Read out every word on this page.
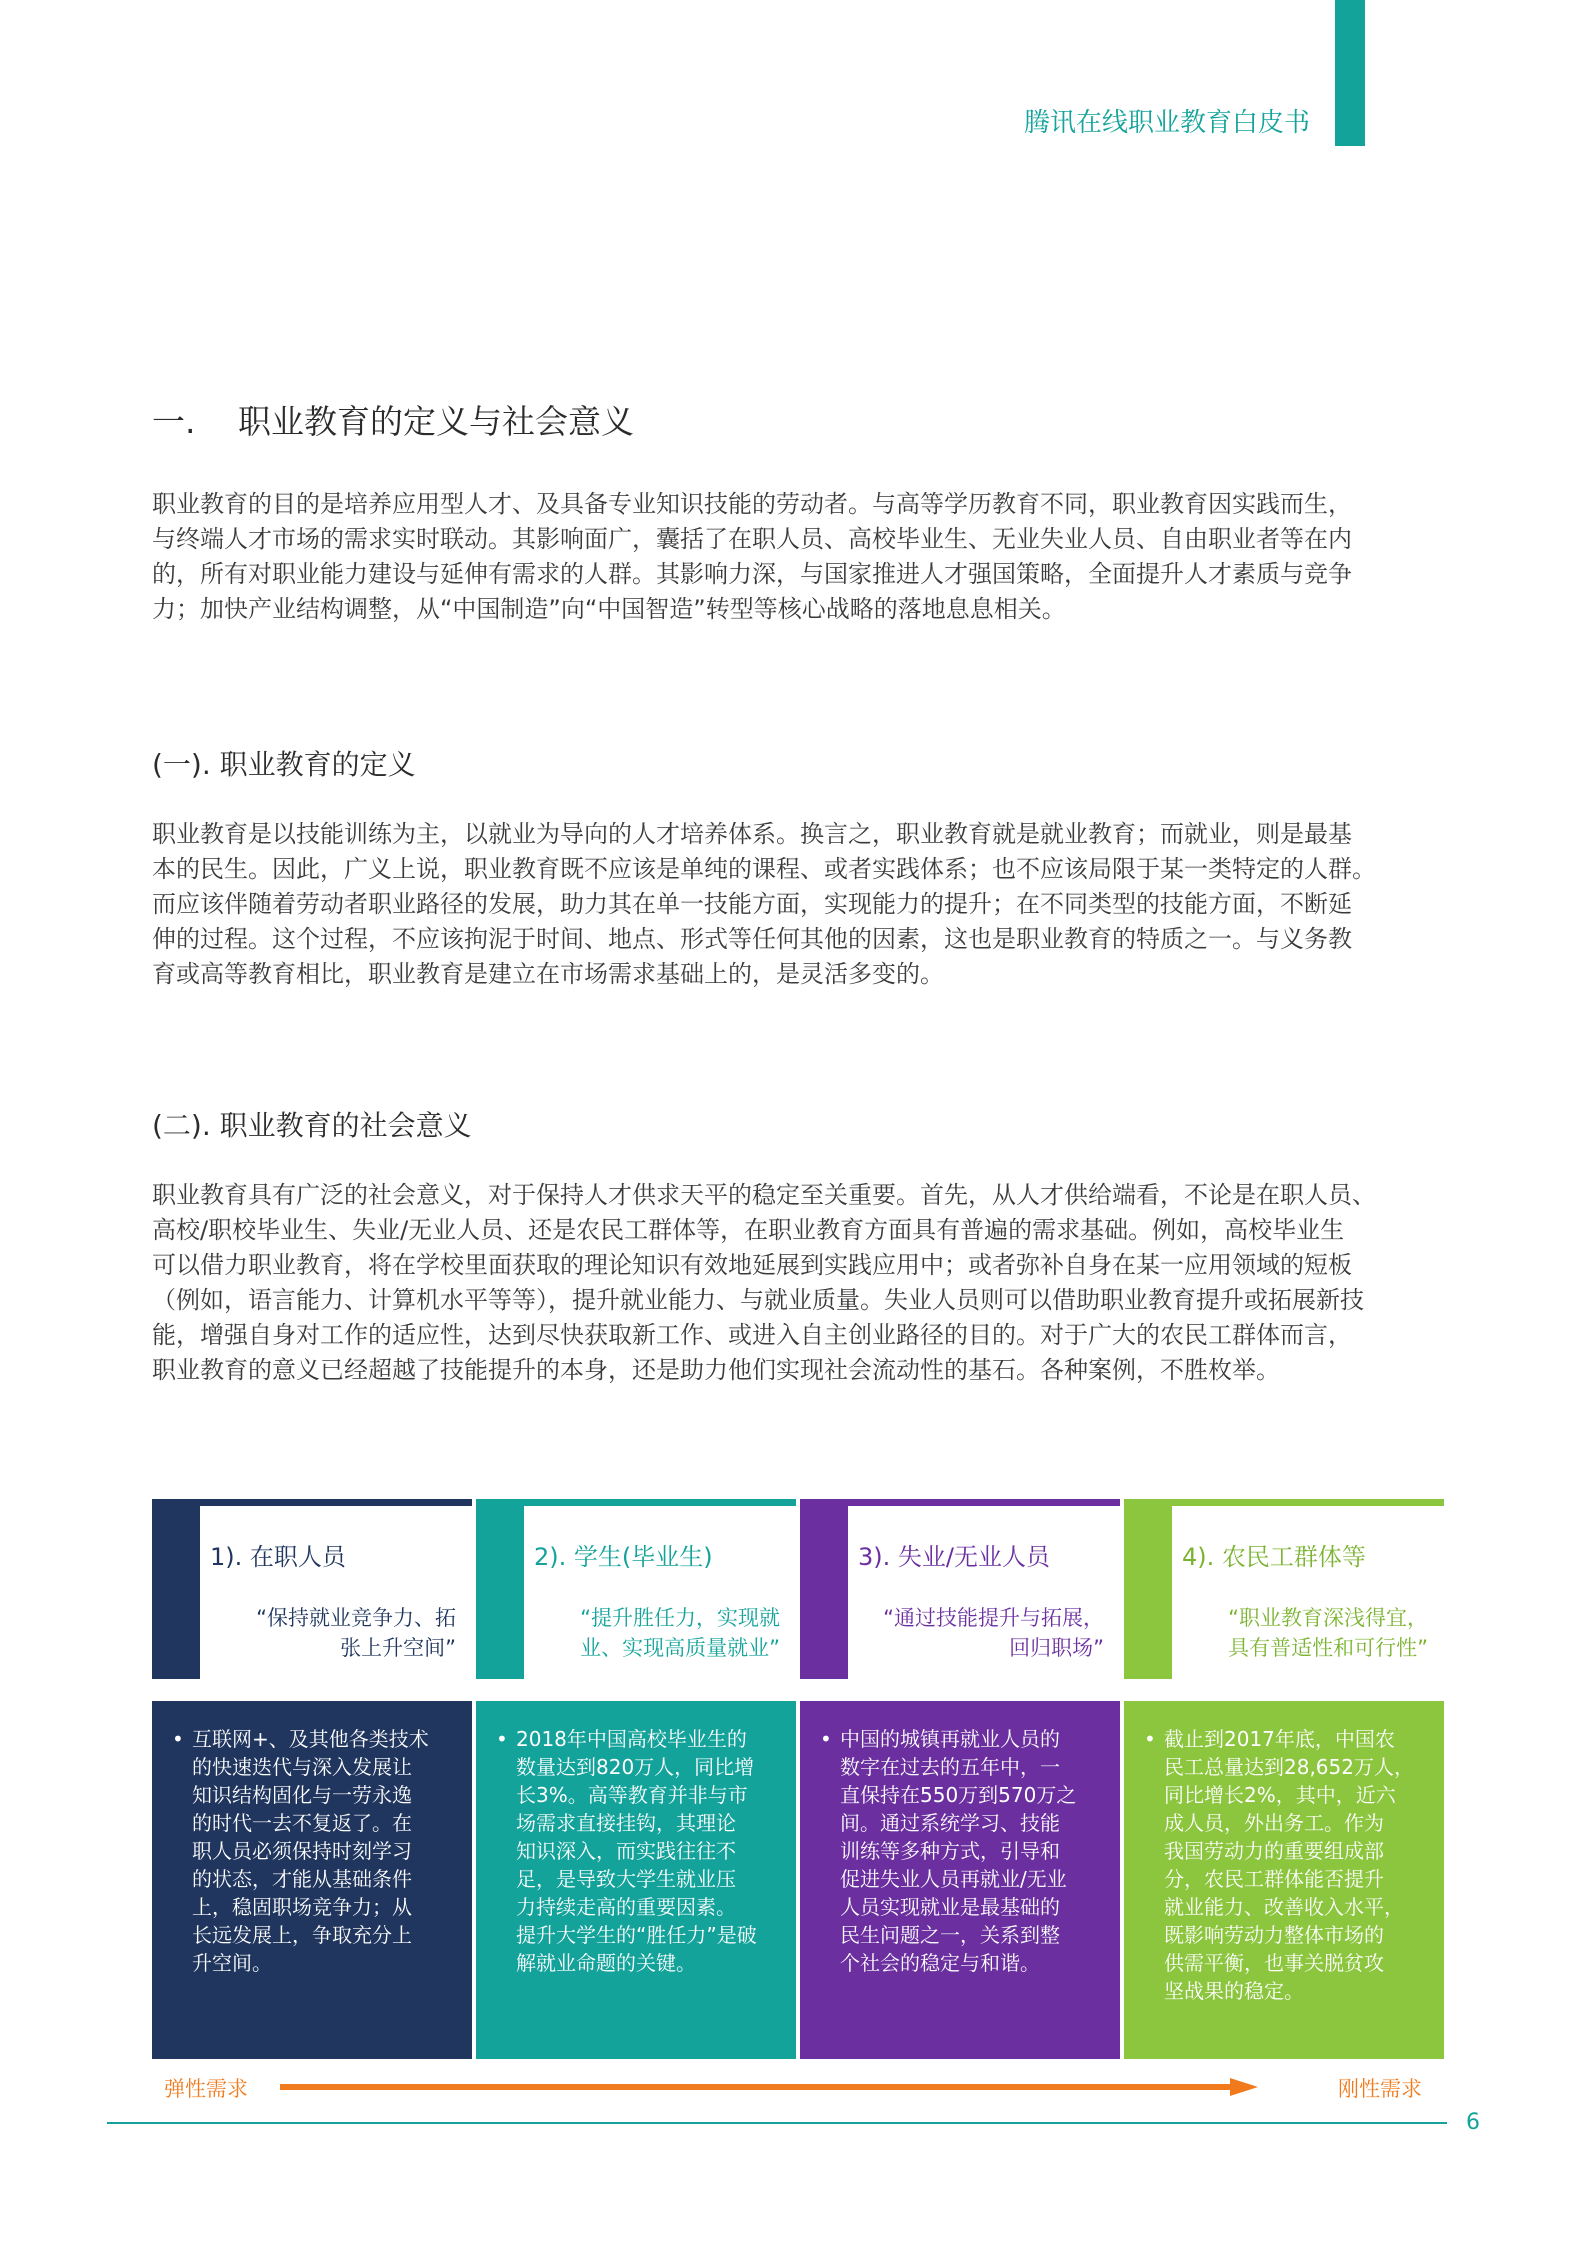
腾讯在线职业教育白皮书
一. 职业教育的定义与社会意义

职业教育的目的是培养应用型人才、及具备专业知识技能的劳动者。与高等学历教育不同，职业教育因实践而生，

与终端人才市场的需求实时联动。其影响面广，囊括了在职人员、高校毕业生、无业失业人员、自由职业者等在内

的，所有对职业能力建设与延伸有需求的人群。其影响力深，与国家推进人才强国策略，全面提升人才素质与竞争

力；加快产业结构调整，从“中国制造”向“中国智造”转型等核心战略的落地息息相关。

(一). 职业教育的定义

职业教育是以技能训练为主，以就业为导向的人才培养体系。换言之，职业教育就是就业教育；而就业，则是最基

本的民生。因此，广义上说，职业教育既不应该是单纯的课程、或者实践体系；也不应该局限于某一类特定的人群。

而应该伴随着劳动者职业路径的发展，助力其在单一技能方面，实现能力的提升；在不同类型的技能方面，不断延

伸的过程。这个过程，不应该拘泥于时间、地点、形式等任何其他的因素，这也是职业教育的特质之一。与义务教

育或高等教育相比，职业教育是建立在市场需求基础上的，是灵活多变的。

(二). 职业教育的社会意义

职业教育具有广泛的社会意义，对于保持人才供求天平的稳定至关重要。首先，从人才供给端看，不论是在职人员、

高校/职校毕业生、失业/无业人员、还是农民工群体等，在职业教育方面具有普遍的需求基础。例如，高校毕业生

可以借力职业教育，将在学校里面获取的理论知识有效地延展到实践应用中；或者弥补自身在某一应用领域的短板

（例如，语言能力、计算机水平等等），提升就业能力、与就业质量。失业人员则可以借助职业教育提升或拓展新技

能，增强自身对工作的适应性，达到尽快获取新工作、或进入自主创业路径的目的。对于广大的农民工群体而言，

职业教育的意义已经超越了技能提升的本身，还是助力他们实现社会流动性的基石。各种案例，不胜枚举。

1). 在职人员
“保持就业竞争力、拓
张上升空间”
2). 学生(毕业生)
“提升胜任力，实现就
业、实现高质量就业”
3). 失业/无业人员
“通过技能提升与拓展，
回归职场”
4). 农民工群体等
“职业教育深浅得宜，
具有普适性和可行性”
• 互联网+、及其他各类技术
的快速迭代与深入发展让
知识结构固化与一劳永逸
的时代一去不复返了。在
职人员必须保持时刻学习
的状态，才能从基础条件
上，稳固职场竞争力；从
长远发展上，争取充分上
升空间。
• 2018年中国高校毕业生的
数量达到820万人，同比增
长3%。高等教育并非与市
场需求直接挂钩，其理论
知识深入，而实践往往不
足，是导致大学生就业压
力持续走高的重要因素。
提升大学生的“胜任力”是破
解就业命题的关键。
• 中国的城镇再就业人员的
数字在过去的五年中，一
直保持在550万到570万之
间。通过系统学习、技能
训练等多种方式，引导和
促进失业人员再就业/无业
人员实现就业是最基础的
民生问题之一，关系到整
个社会的稳定与和谐。
• 截止到2017年底，中国农
民工总量达到28,652万人，
同比增长2%，其中，近六
成人员，外出务工。作为
我国劳动力的重要组成部
分，农民工群体能否提升
就业能力、改善收入水平，
既影响劳动力整体市场的
供需平衡，也事关脱贫攻
坚战果的稳定。
弹性需求	刚性需求
6
